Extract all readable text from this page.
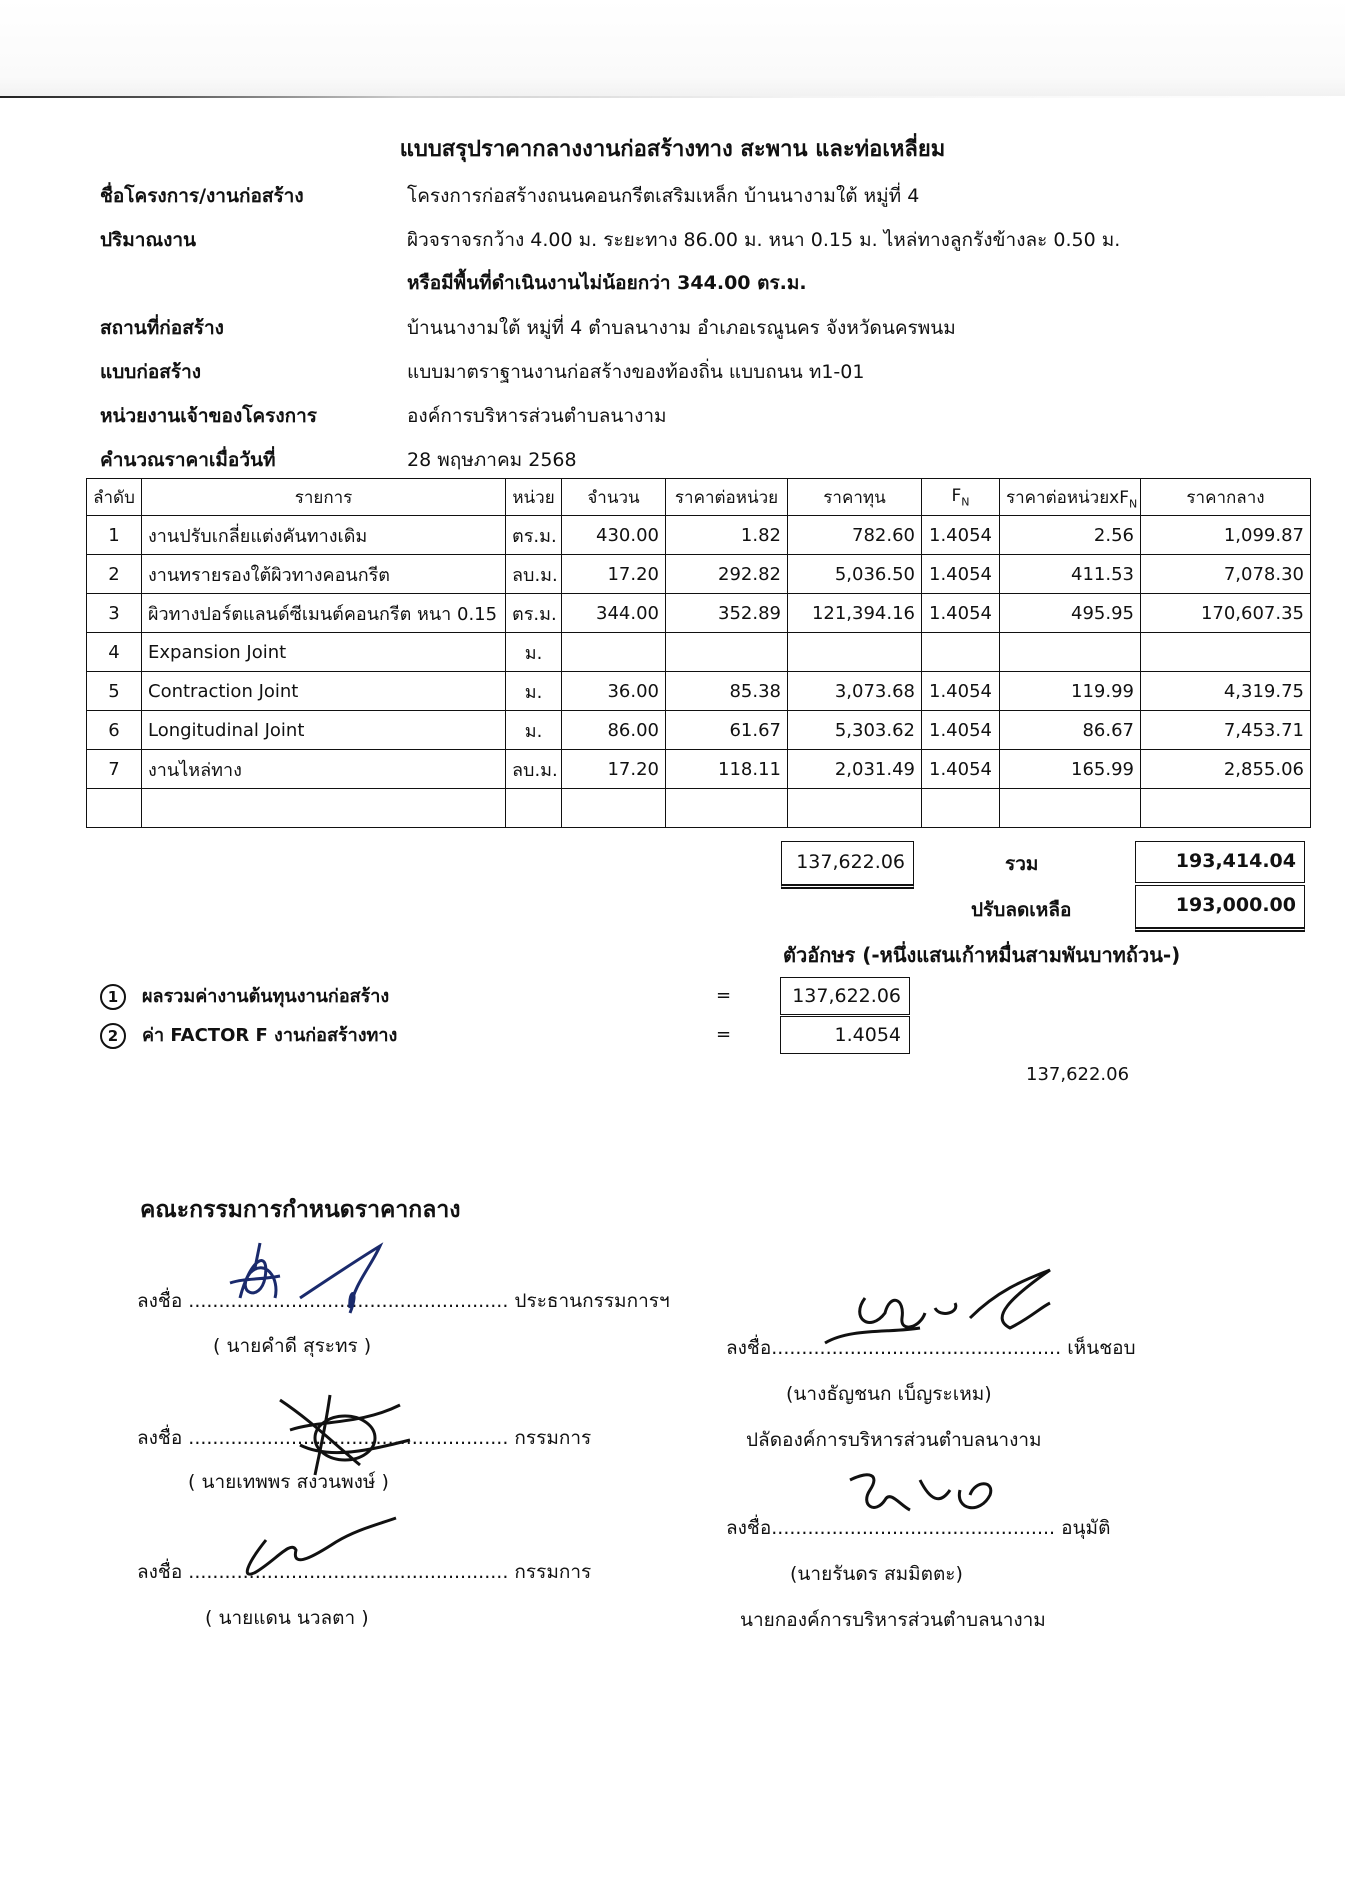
แบบสรุปราคากลางงานก่อสร้างทาง สะพาน และท่อเหลี่ยม
ชื่อโครงการ/งานก่อสร้าง	โครงการก่อสร้างถนนคอนกรีตเสริมเหล็ก บ้านนางามใต้ หมู่ที่ 4
ปริมาณงาน	ผิวจราจรกว้าง 4.00 ม. ระยะทาง 86.00 ม. หนา 0.15 ม. ไหล่ทางลูกรังข้างละ 0.50 ม.
หรือมีพื้นที่ดำเนินงานไม่น้อยกว่า 344.00 ตร.ม.
สถานที่ก่อสร้าง	บ้านนางามใต้ หมู่ที่ 4 ตำบลนางาม อำเภอเรณูนคร จังหวัดนครพนม
แบบก่อสร้าง	แบบมาตราฐานงานก่อสร้างของท้องถิ่น แบบถนน ท1-01
หน่วยงานเจ้าของโครงการ	องค์การบริหารส่วนตำบลนางาม
คำนวณราคาเมื่อวันที่	28 พฤษภาคม 2568
ลำดับ	รายการ	หน่วย	จำนวน	ราคาต่อหน่วย	ราคาทุน	$F_N$	ราคาต่อหน่วย$xF_N$	ราคากลาง
1	งานปรับเกลี่ยแต่งคันทางเดิม	ตร.ม.	430.00	1.82	782.60	1.4054	2.56	1,099.87
2	งานทรายรองใต้ผิวทางคอนกรีต	ลบ.ม.	17.20	292.82	5,036.50	1.4054	411.53	7,078.30
3	ผิวทางปอร์ตแลนด์ซีเมนต์คอนกรีต หนา 0.15	ตร.ม.	344.00	352.89	121,394.16	1.4054	495.95	170,607.35
4	Expansion Joint	ม.						
5	Contraction Joint	ม.	36.00	85.38	3,073.68	1.4054	119.99	4,319.75
6	Longitudinal Joint	ม.	86.00	61.67	5,303.62	1.4054	86.67	7,453.71
7	งานไหล่ทาง	ลบ.ม.	17.20	118.11	2,031.49	1.4054	165.99	2,855.06

137,622.06	รวม	193,414.04
ปรับลดเหลือ	193,000.00
ตัวอักษร (-หนึ่งแสนเก้าหมื่นสามพันบาทถ้วน-)
1 ผลรวมค่างานต้นทุนงานก่อสร้าง	=	137,622.06
2 ค่า FACTOR F งานก่อสร้างทาง	=	1.4054
137,622.06
คณะกรรมการกำหนดราคากลาง
ลงชื่อ ..................................................... ประธานกรรมการฯ
( นายคำดี สุระทร )
ลงชื่อ ..................................................... กรรมการ
( นายเทพพร สงวนพงษ์ )
ลงชื่อ ..................................................... กรรมการ
( นายแดน นวลตา )
ลงชื่อ................................................ เห็นชอบ
(นางธัญชนก เบ็ญระเหม)
ปลัดองค์การบริหารส่วนตำบลนางาม
ลงชื่อ............................................... อนุมัติ
(นายรันดร สมมิตตะ)
นายกองค์การบริหารส่วนตำบลนางาม
